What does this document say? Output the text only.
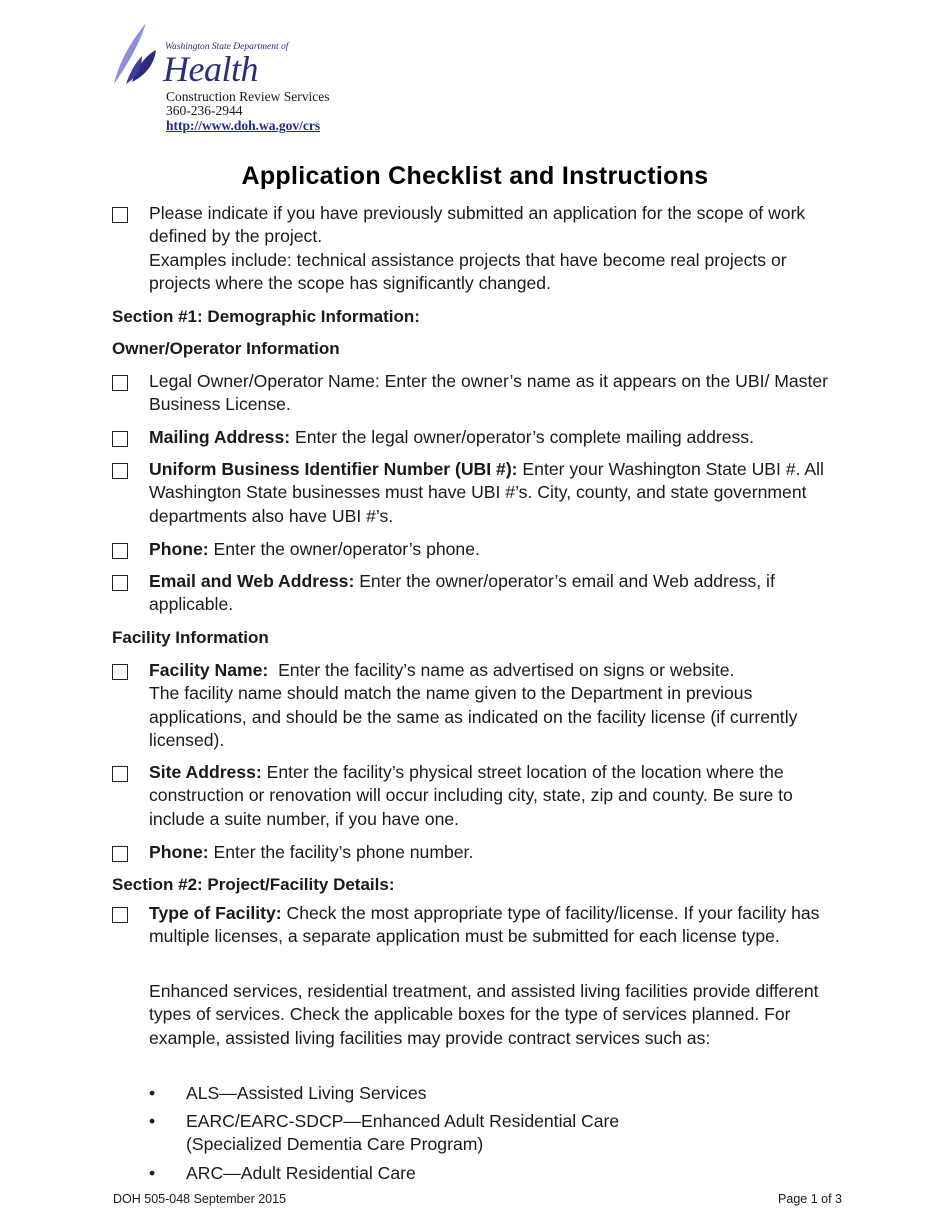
Washington State Department of
Health
Construction Review Services
360-236-2944
http://www.doh.wa.gov/crs
Application Checklist and Instructions
Please indicate if you have previously submitted an application for the scope of work defined by the project.
Examples include: technical assistance projects that have become real projects or projects where the scope has significantly changed.
Section #1: Demographic Information:
Owner/Operator Information
Legal Owner/Operator Name: Enter the owner’s name as it appears on the UBI/ Master Business License.
Mailing Address: Enter the legal owner/operator’s complete mailing address.
Uniform Business Identifier Number (UBI #): Enter your Washington State UBI #. All Washington State businesses must have UBI #’s. City, county, and state government departments also have UBI #’s.
Phone: Enter the owner/operator’s phone.
Email and Web Address: Enter the owner/operator’s email and Web address, if applicable.
Facility Information
Facility Name:  Enter the facility’s name as advertised on signs or website.
The facility name should match the name given to the Department in previous applications, and should be the same as indicated on the facility license (if currently licensed).
Site Address: Enter the facility’s physical street location of the location where the construction or renovation will occur including city, state, zip and county. Be sure to include a suite number, if you have one.
Phone: Enter the facility’s phone number.
Section #2: Project/Facility Details:
Type of Facility: Check the most appropriate type of facility/license. If your facility has multiple licenses, a separate application must be submitted for each license type.
Enhanced services, residential treatment, and assisted living facilities provide different types of services. Check the applicable boxes for the type of services planned. For example, assisted living facilities may provide contract services such as:
• ALS—Assisted Living Services
• EARC/EARC-SDCP—Enhanced Adult Residential Care
(Specialized Dementia Care Program)
• ARC—Adult Residential Care
DOH 505-048 September 2015	Page 1 of 3
